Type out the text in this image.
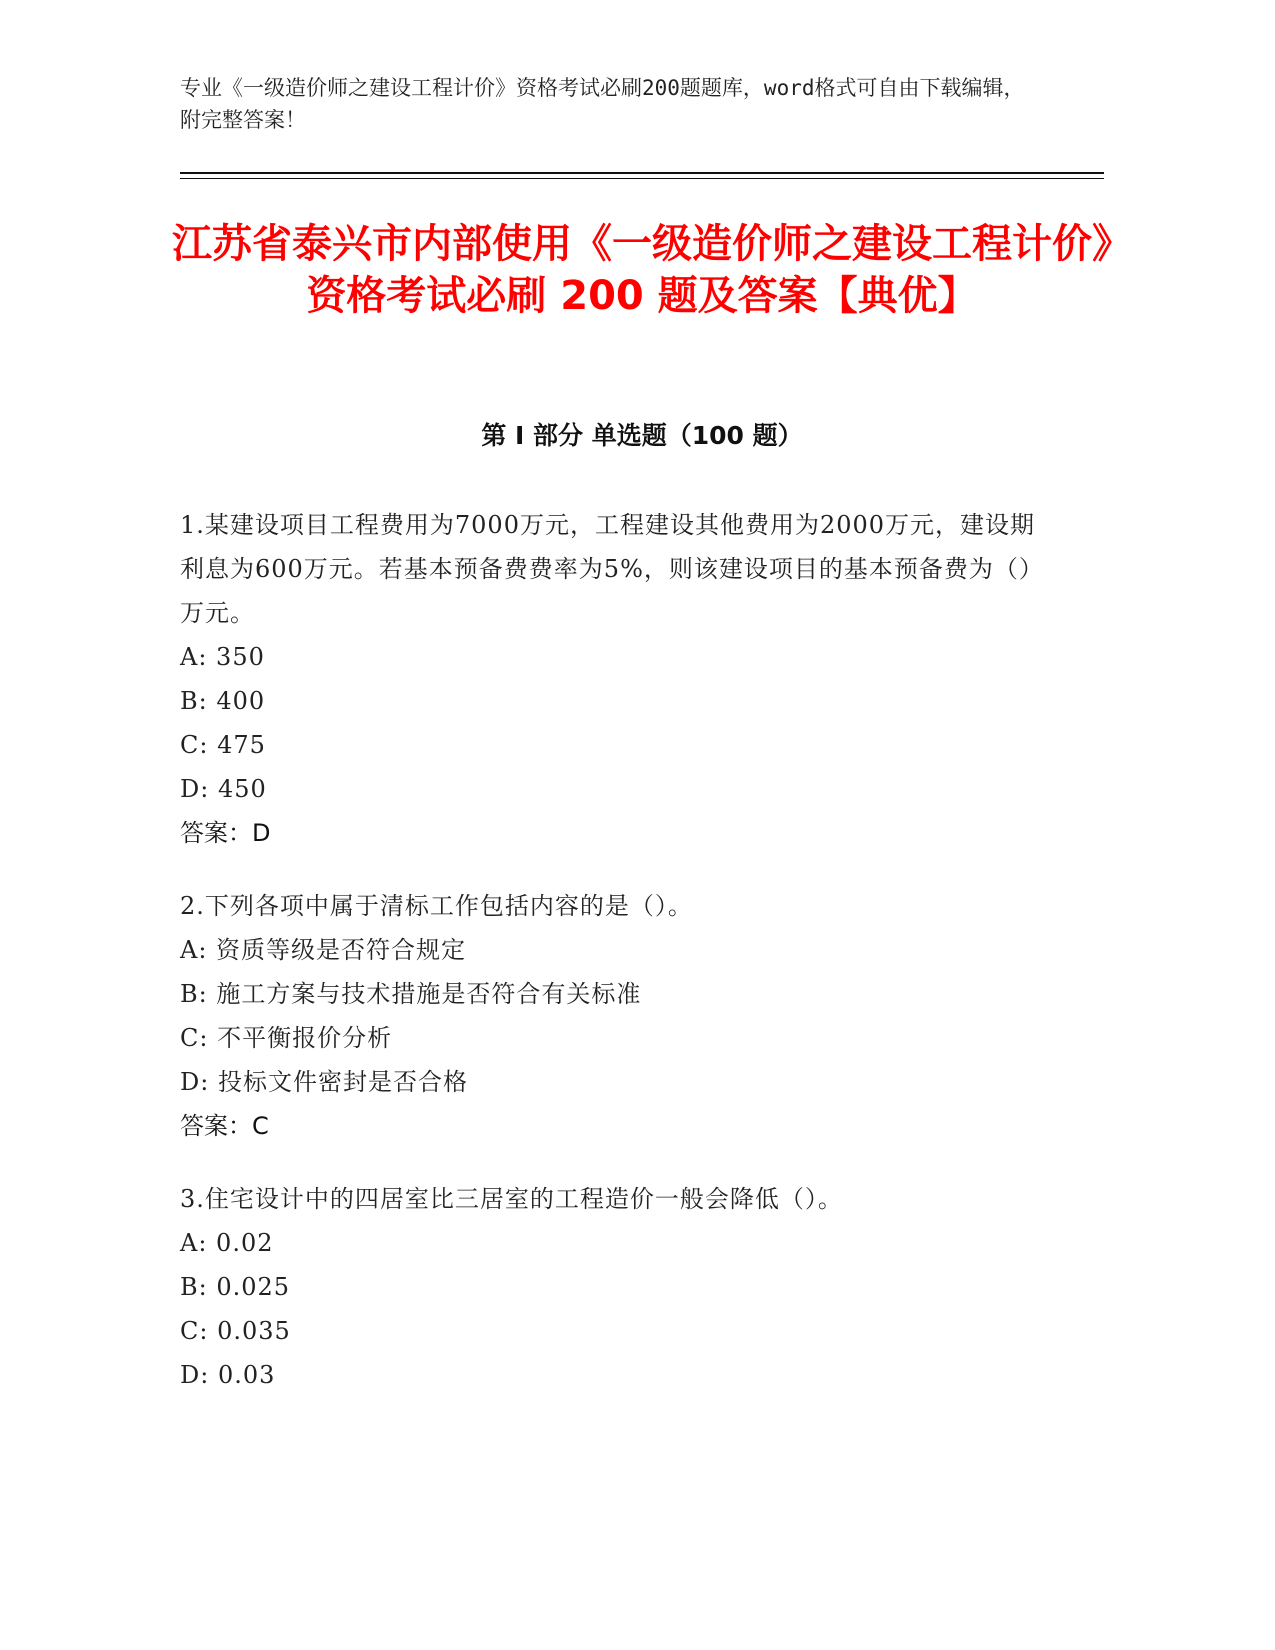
专业《一级造价师之建设工程计价》资格考试必刷200题题库，word格式可自由下载编辑，附完整答案！
江苏省泰兴市内部使用《一级造价师之建设工程计价》资格考试必刷 200 题及答案【典优】
第 I 部分 单选题（100 题）

1.某建设项目工程费用为7000万元，工程建设其他费用为2000万元，建设期利息为600万元。若基本预备费费率为5%，则该建设项目的基本预备费为（）万元。

A: 350

B: 400

C: 475

D: 450

答案：D

2.下列各项中属于清标工作包括内容的是（）。

A: 资质等级是否符合规定

B: 施工方案与技术措施是否符合有关标准

C: 不平衡报价分析

D: 投标文件密封是否合格

答案：C

3.住宅设计中的四居室比三居室的工程造价一般会降低（）。

A: 0.02

B: 0.025

C: 0.035

D: 0.03
